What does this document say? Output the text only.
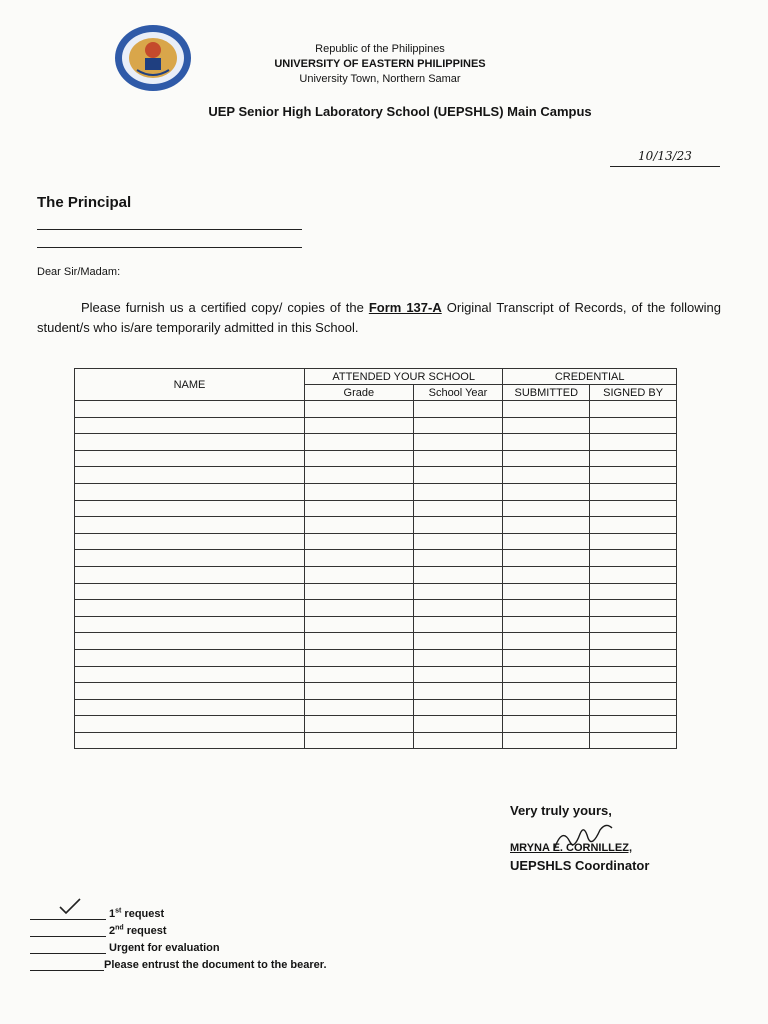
Republic of the Philippines
UNIVERSITY OF EASTERN PHILIPPINES
University Town, Northern Samar
UEP Senior High Laboratory School (UEPSHLS) Main Campus
10/13/23
The Principal
Dear Sir/Madam:
Please furnish us a certified copy/ copies of the Form 137-A Original Transcript of Records, of the following student/s who is/are temporarily admitted in this School.
NAME	ATTENDED YOUR SCHOOL		CREDENTIAL	
	Grade	School Year	SUBMITTED	SIGNED BY

Very truly yours,
MRYNA E. CORNILLEZ,
UEPSHLS Coordinator
1st request
2nd request
Urgent for evaluation
Please entrust the document to the bearer.
